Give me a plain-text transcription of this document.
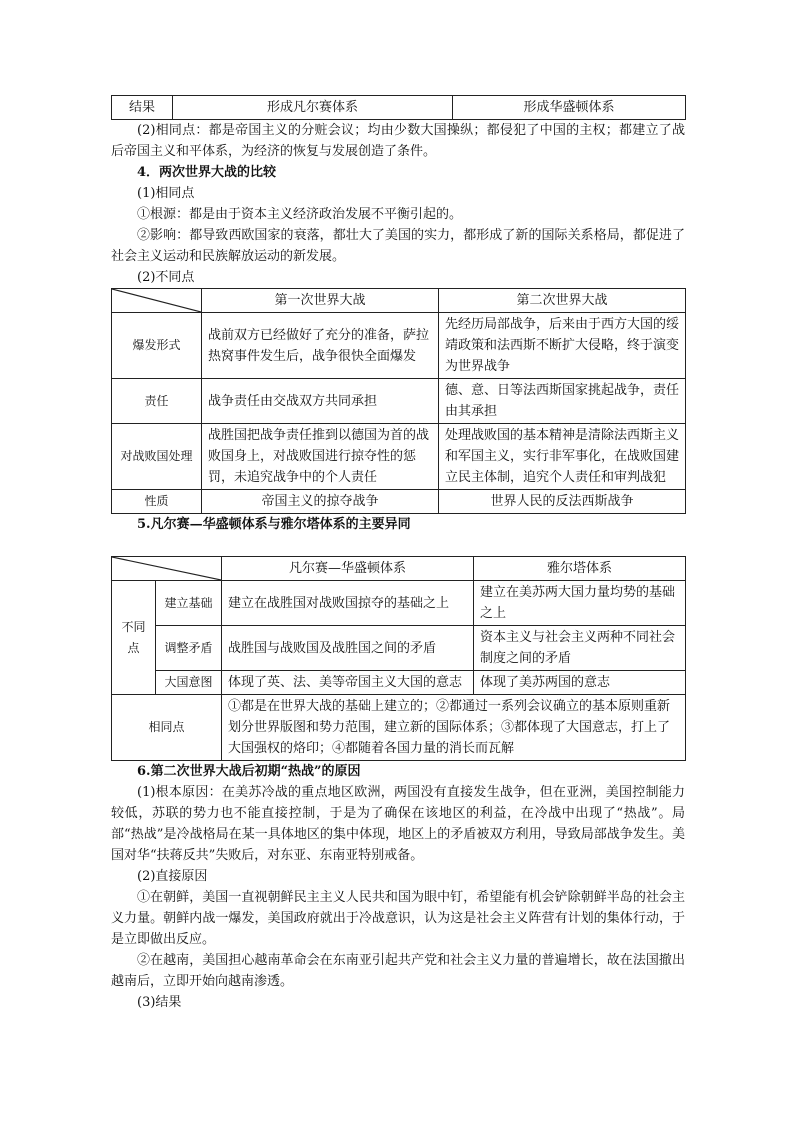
结果	形成凡尔赛体系	形成华盛顿体系

(2)相同点：都是帝国主义的分赃会议；均由少数大国操纵；都侵犯了中国的主权；都建立了战后帝国主义和平体系，为经济的恢复与发展创造了条件。

4．两次世界大战的比较

(1)相同点

①根源：都是由于资本主义经济政治发展不平衡引起的。

②影响：都导致西欧国家的衰落，都壮大了美国的实力，都形成了新的国际关系格局，都促进了社会主义运动和民族解放运动的新发展。

(2)不同点

	第一次世界大战	第二次世界大战
爆发形式	战前双方已经做好了充分的准备，萨拉热窝事件发生后，战争很快全面爆发	先经历局部战争，后来由于西方大国的绥靖政策和法西斯不断扩大侵略，终于演变为世界战争
责任	战争责任由交战双方共同承担	德、意、日等法西斯国家挑起战争，责任由其承担
对战败国处理	战胜国把战争责任推到以德国为首的战败国身上，对战败国进行掠夺性的惩罚，未追究战争中的个人责任	处理战败国的基本精神是清除法西斯主义和军国主义，实行非军事化，在战败国建立民主体制，追究个人责任和审判战犯
性质	帝国主义的掠夺战争	世界人民的反法西斯战争

5.凡尔赛—华盛顿体系与雅尔塔体系的主要异同

	凡尔赛—华盛顿体系	雅尔塔体系
不同点	建立基础	建立在战胜国对战败国掠夺的基础之上	建立在美苏两大国力量均势的基础之上
	调整矛盾	战胜国与战败国及战胜国之间的矛盾	资本主义与社会主义两种不同社会制度之间的矛盾
	大国意图	体现了英、法、美等帝国主义大国的意志	体现了美苏两国的意志
相同点		①都是在世界大战的基础上建立的；②都通过一系列会议确立的基本原则重新划分世界版图和势力范围，建立新的国际体系；③都体现了大国意志，打上了大国强权的烙印；④都随着各国力量的消长而瓦解	

6.第二次世界大战后初期“热战”的原因

(1)根本原因：在美苏冷战的重点地区欧洲，两国没有直接发生战争，但在亚洲，美国控制能力较低，苏联的势力也不能直接控制，于是为了确保在该地区的利益，在冷战中出现了“热战”。局部“热战”是冷战格局在某一具体地区的集中体现，地区上的矛盾被双方利用，导致局部战争发生。美国对华“扶蒋反共”失败后，对东亚、东南亚特别戒备。

(2)直接原因

①在朝鲜，美国一直视朝鲜民主主义人民共和国为眼中钉，希望能有机会铲除朝鲜半岛的社会主义力量。朝鲜内战一爆发，美国政府就出于冷战意识，认为这是社会主义阵营有计划的集体行动，于是立即做出反应。

②在越南，美国担心越南革命会在东南亚引起共产党和社会主义力量的普遍增长，故在法国撤出越南后，立即开始向越南渗透。

(3)结果
